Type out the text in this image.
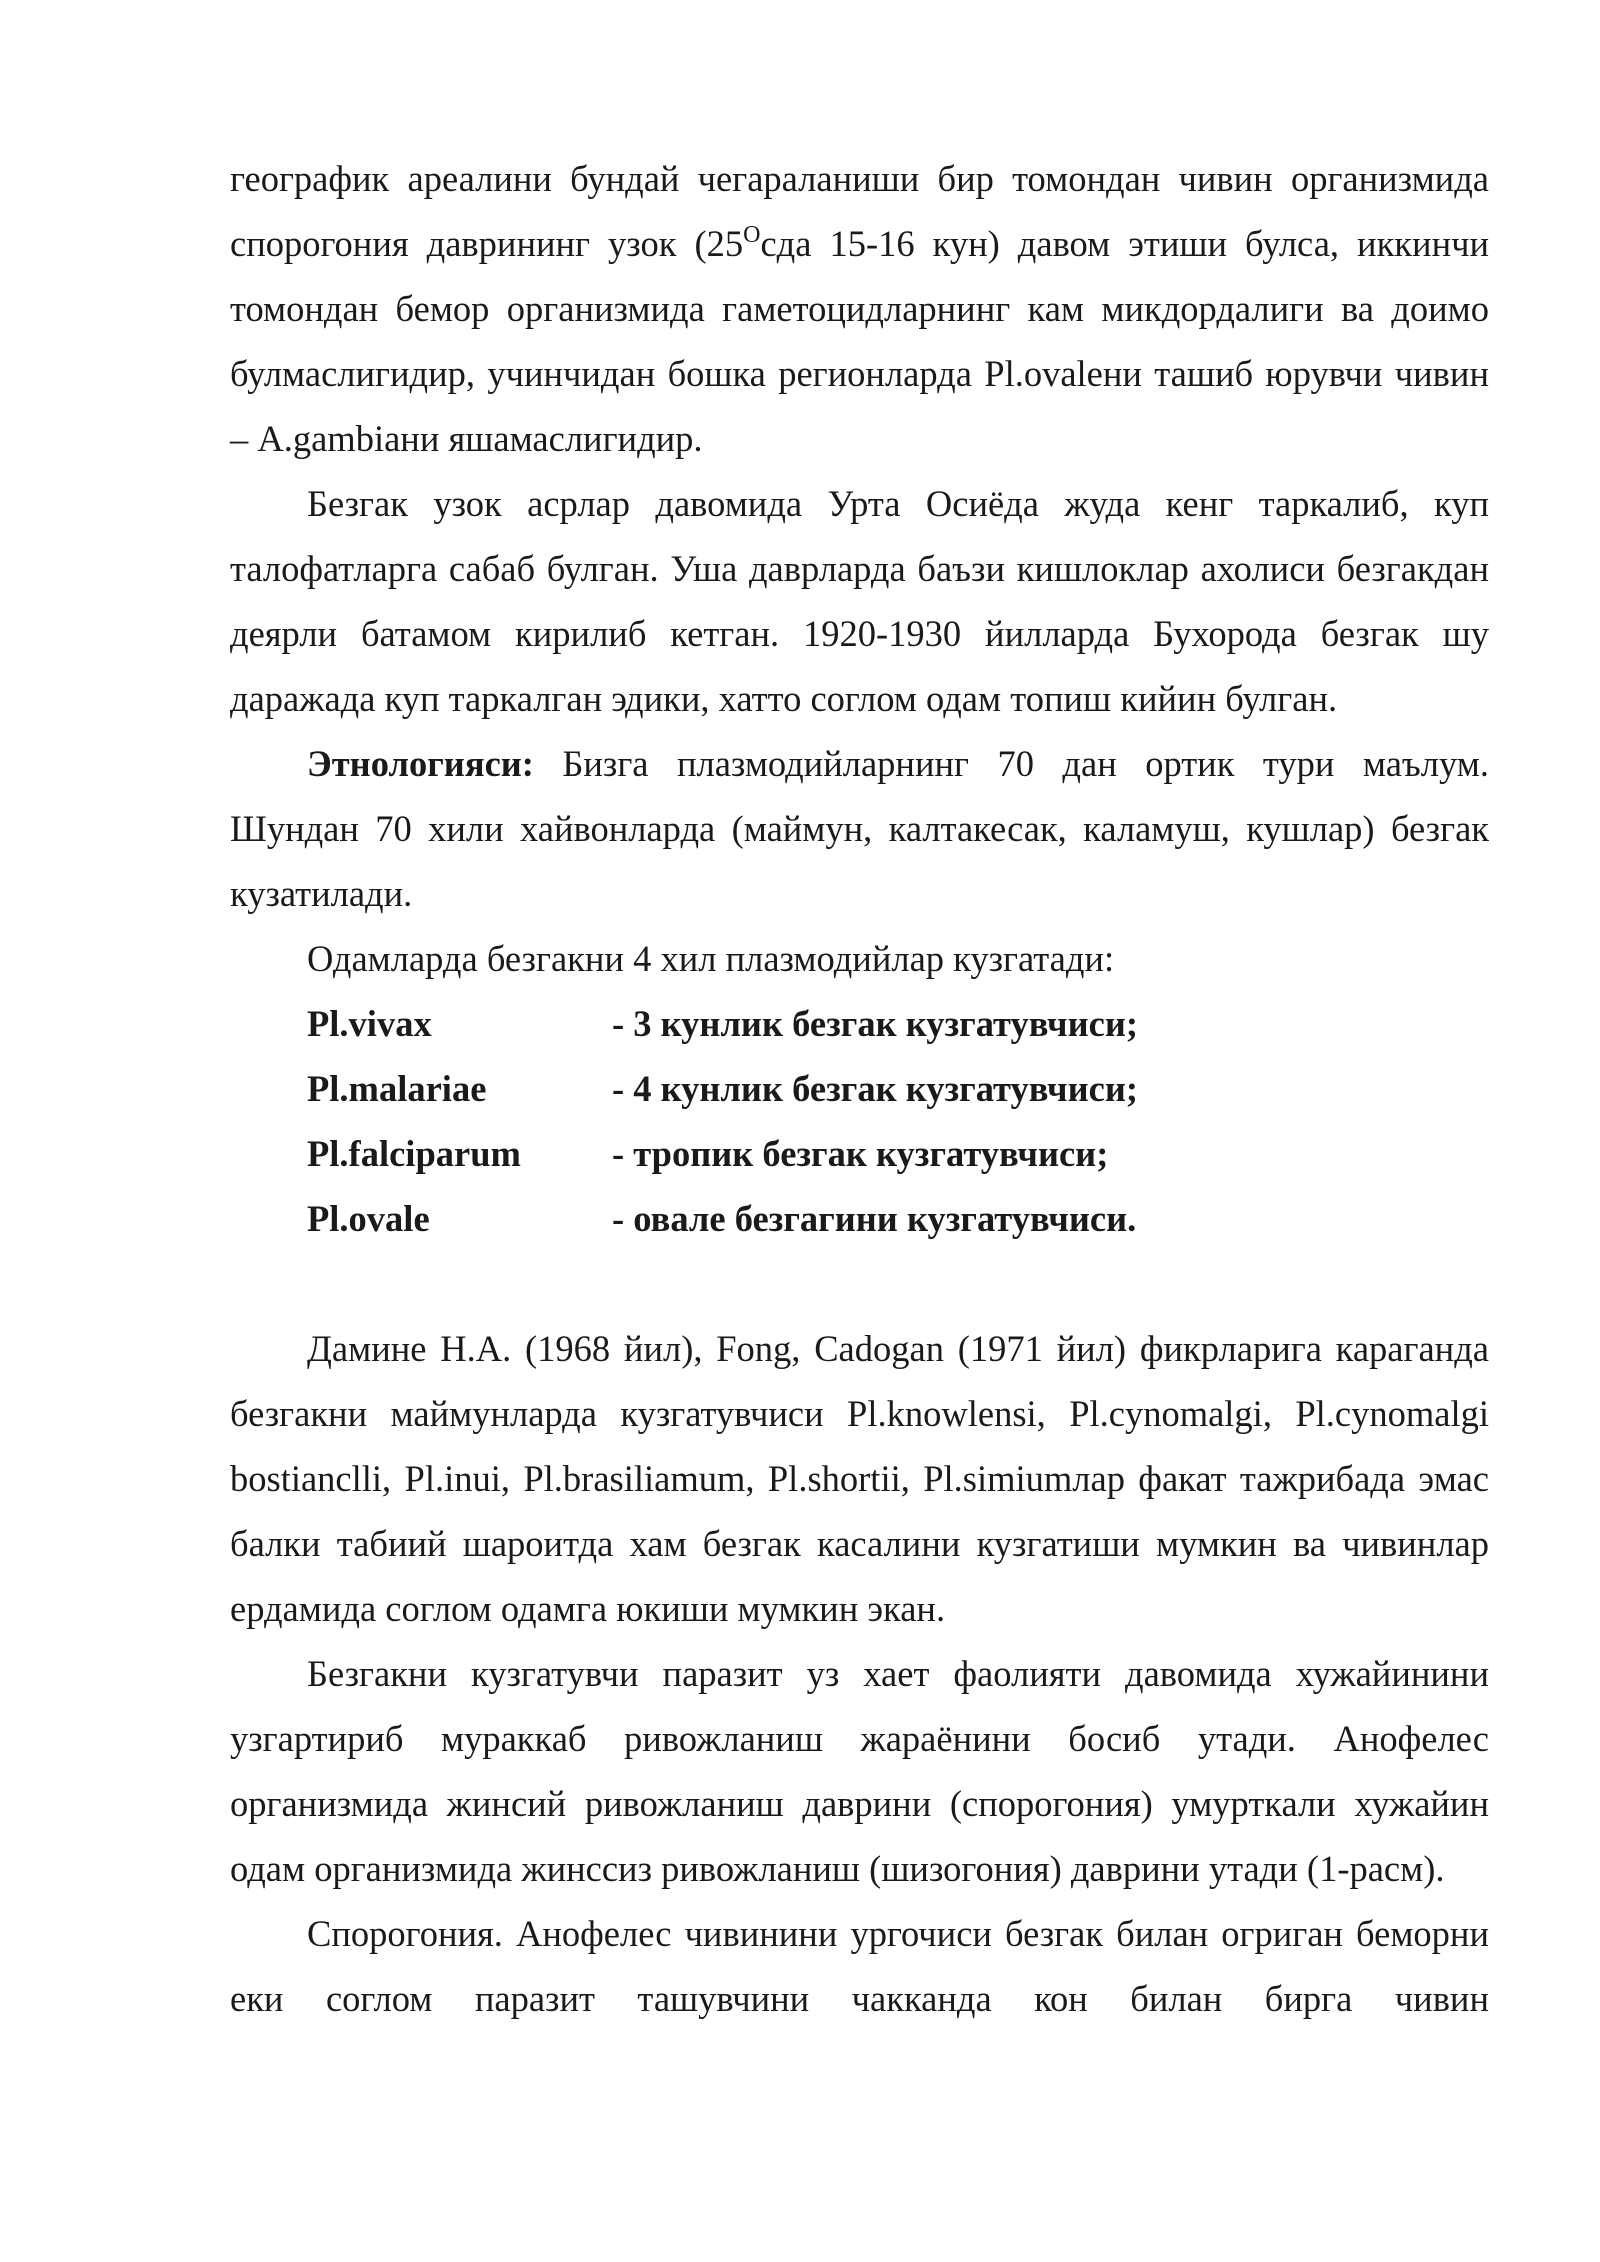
географик ареалини бундай чегараланиши бир томондан чивин организмида спорогония даврининг узок ($25^Осда$ 15-16 кун) давом этиши булса, иккинчи томондан бемор организмида гаметоцидларнинг кам микдордалиги ва доимо булмаслигидир, учинчидан бошка регионларда Pl.ovaleни ташиб юрувчи чивин – A.gambiани яшамаслигидир.

Безгак узок асрлар давомида Урта Осиёда жуда кенг таркалиб, куп талофатларга сабаб булган. Уша даврларда баъзи кишлоклар ахолиси безгакдан деярли батамом кирилиб кетган. 1920-1930 йилларда Бухорода безгак шу даражада куп таркалган эдики, хатто соглом одам топиш кийин булган.

Этнологияси: Бизга плазмодийларнинг 70 дан ортик тури маълум. Шундан 70 хили хайвонларда (маймун, калтакесак, каламуш, кушлар) безгак кузатилади.

Одамларда безгакни 4 хил плазмодийлар кузгатади:

Pl.vivax	- 3 кунлик безгак кузгатувчиси;
Pl.malariae	- 4 кунлик безгак кузгатувчиси;
Pl.falciparum	- тропик безгак кузгатувчиси;
Pl.ovale	- овале безгагини кузгатувчиси.

Дамине Н.А. (1968 йил), Fong, Cadogan (1971 йил) фикрларига караганда безгакни маймунларда кузгатувчиси Pl.knowlensi, Pl.cynomalgi, Pl.cynomalgi bostianclli, Pl.inui, Pl.brasiliamum, Pl.shortii, Pl.simiumлар факат тажрибада эмас балки табиий шароитда хам безгак касалини кузгатиши мумкин ва чивинлар ердамида соглом одамга юкиши мумкин экан.

Безгакни кузгатувчи паразит уз хает фаолияти давомида хужайинини узгартириб мураккаб ривожланиш жараёнини босиб утади. Анофелес организмида жинсий ривожланиш даврини (спорогония) умурткали хужайин одам организмида жинссиз ривожланиш (шизогония) даврини утади (1-расм).

Спорогония. Анофелес чивинини ургочиси безгак билан огриган беморни еки соглом паразит ташувчини чакканда кон билан бирга чивин
